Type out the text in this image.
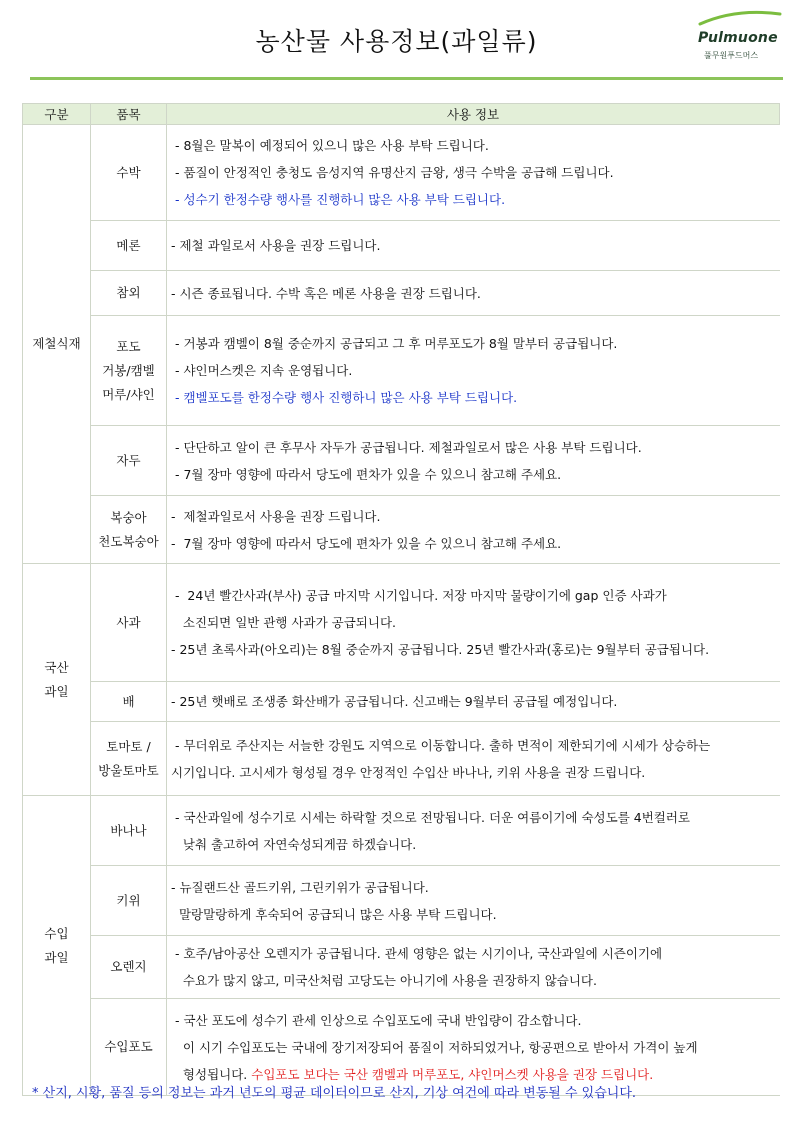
농산물 사용정보(과일류)	Pulmuone
풀무원푸드머스
구분	품목	사용 정보

제철식재	수박	- 8월은 말복이 예정되어 있으니 많은 사용 부탁 드립니다.
- 품질이 안정적인 충청도 음성지역 유명산지 금왕, 생극 수박을 공급해 드립니다.
- 성수기 한정수량 행사를 진행하니 많은 사용 부탁 드립니다.

	메론	- 제철 과일로서 사용을 권장 드립니다.

	참외	- 시즌 종료됩니다. 수박 혹은 메론 사용을 권장 드립니다.

	포도
거봉/캠벨
머루/샤인	- 거봉과 캠벨이 8월 중순까지 공급되고 그 후 머루포도가 8월 말부터 공급됩니다.
- 샤인머스켓은 지속 운영됩니다.
- 캠벨포도를 한정수량 행사 진행하니 많은 사용 부탁 드립니다.

	자두	- 단단하고 알이 큰 후무사 자두가 공급됩니다. 제철과일로서 많은 사용 부탁 드립니다.
- 7월 장마 영향에 따라서 당도에 편차가 있을 수 있으니 참고해 주세요.

	복숭아
천도복숭아	-  제철과일로서 사용을 권장 드립니다.
-  7월 장마 영향에 따라서 당도에 편차가 있을 수 있으니 참고해 주세요.

국산
과일	사과	-  24년 빨간사과(부사) 공급 마지막 시기입니다. 저장 마지막 물량이기에 gap 인증 사과가
소진되면 일반 관행 사과가 공급되니다.
- 25년 초록사과(아오리)는 8월 중순까지 공급됩니다. 25년 빨간사과(홍로)는 9월부터 공급됩니다.

	배	- 25년 햇배로 조생종 화산배가 공급됩니다. 신고배는 9월부터 공급될 예정입니다.

	토마토 /
방울토마토	- 무더위로 주산지는 서늘한 강원도 지역으로 이동합니다. 출하 면적이 제한되기에 시세가 상승하는
시기입니다. 고시세가 형성될 경우 안정적인 수입산 바나나, 키위 사용을 권장 드립니다.

수입
과일	바나나	- 국산과일에 성수기로 시세는 하락할 것으로 전망됩니다. 더운 여름이기에 숙성도를 4번컬러로
낮춰 출고하여 자연숙성되게끔 하겠습니다.

	키위	- 뉴질랜드산 골드키위, 그린키위가 공급됩니다.
말랑말랑하게 후숙되어 공급되니 많은 사용 부탁 드립니다.

	오렌지	- 호주/남아공산 오렌지가 공급됩니다. 관세 영향은 없는 시기이나, 국산과일에 시즌이기에
수요가 많지 않고, 미국산처럼 고당도는 아니기에 사용을 권장하지 않습니다.

	수입포도	- 국산 포도에 성수기 관세 인상으로 수입포도에 국내 반입량이 감소합니다.
이 시기 수입포도는 국내에 장기저장되어 품질이 저하되었거나, 항공편으로 받아서 가격이 높게
형성됩니다. 수입포도 보다는 국산 캠벨과 머루포도, 샤인머스켓 사용을 권장 드립니다.
* 산지, 시황, 품질 등의 정보는 과거 년도의 평균 데이터이므로 산지, 기상 여건에 따라 변동될 수 있습니다.
